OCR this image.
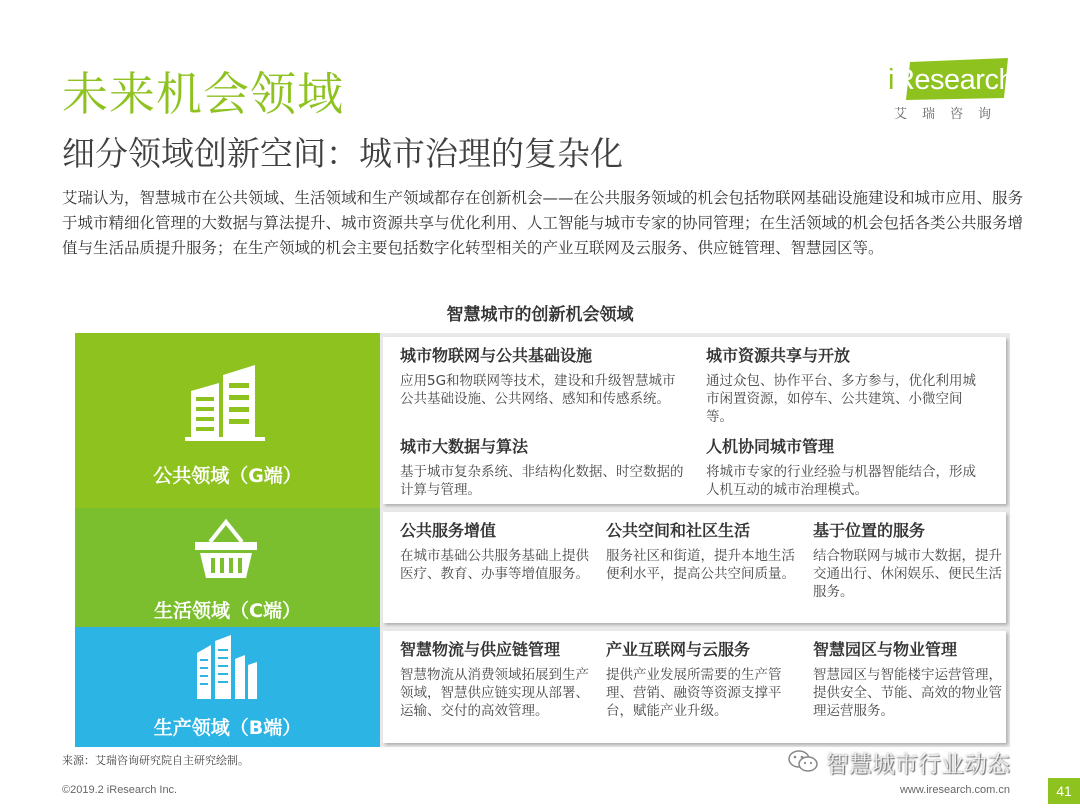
未来机会领域
细分领域创新空间：城市治理的复杂化
iResearch
艾瑞咨询
艾瑞认为，智慧城市在公共领域、生活领域和生产领域都存在创新机会——在公共服务领域的机会包括物联网基础设施建设和城市应用、服务于城市精细化管理的大数据与算法提升、城市资源共享与优化利用、人工智能与城市专家的协同管理；在生活领域的机会包括各类公共服务增值与生活品质提升服务；在生产领域的机会主要包括数字化转型相关的产业互联网及云服务、供应链管理、智慧园区等。
智慧城市的创新机会领域
公共领域（G端）
城市物联网与公共基础设施
应用5G和物联网等技术，建设和升级智慧城市公共基础设施、公共网络、感知和传感系统。
城市资源共享与开放
通过众包、协作平台、多方参与，优化利用城市闲置资源，如停车、公共建筑、小微空间等。
城市大数据与算法
基于城市复杂系统、非结构化数据、时空数据的计算与管理。
人机协同城市管理
将城市专家的行业经验与机器智能结合，形成人机互动的城市治理模式。
生活领域（C端）
公共服务增值
在城市基础公共服务基础上提供医疗、教育、办事等增值服务。
公共空间和社区生活
服务社区和街道，提升本地生活便利水平，提高公共空间质量。
基于位置的服务
结合物联网与城市大数据，提升交通出行、休闲娱乐、便民生活服务。
生产领域（B端）
智慧物流与供应链管理
智慧物流从消费领域拓展到生产领域，智慧供应链实现从部署、运输、交付的高效管理。
产业互联网与云服务
提供产业发展所需要的生产管理、营销、融资等资源支撑平台，赋能产业升级。
智慧园区与物业管理
智慧园区与智能楼宇运营管理，提供安全、节能、高效的物业管理运营服务。
来源：艾瑞咨询研究院自主研究绘制。
©2019.2 iResearch Inc.
智慧城市行业动态
www.iresearch.com.cn	41
